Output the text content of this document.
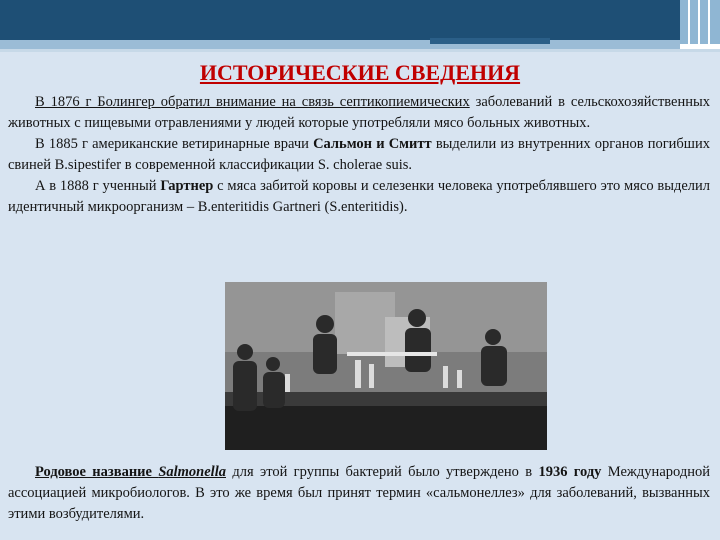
ИСТОРИЧЕСКИЕ СВЕДЕНИЯ

В 1876 г Болингер обратил внимание на связь септикопиемических заболеваний в сельскохозяйственных животных с пищевыми отравлениями у людей которые употребляли мясо больных животных.

В 1885 г американские ветиринарные врачи Сальмон и Смитт выделили из внутренних органов погибших свиней B.sipestifer в современной классификации S. cholerae suis.

А в 1888 г ученный Гартнер с мяса забитой коровы и селезенки человека употреблявшего это мясо выделил идентичный микроорганизм – B.enteritidis Gartneri (S.enteritidis).

Родовое название Salmonella для этой группы бактерий было утверждено в 1936 году Международной ассоциацией микробиологов. В это же время был принят термин «сальмонеллез» для заболеваний, вызванных этими возбудителями.
